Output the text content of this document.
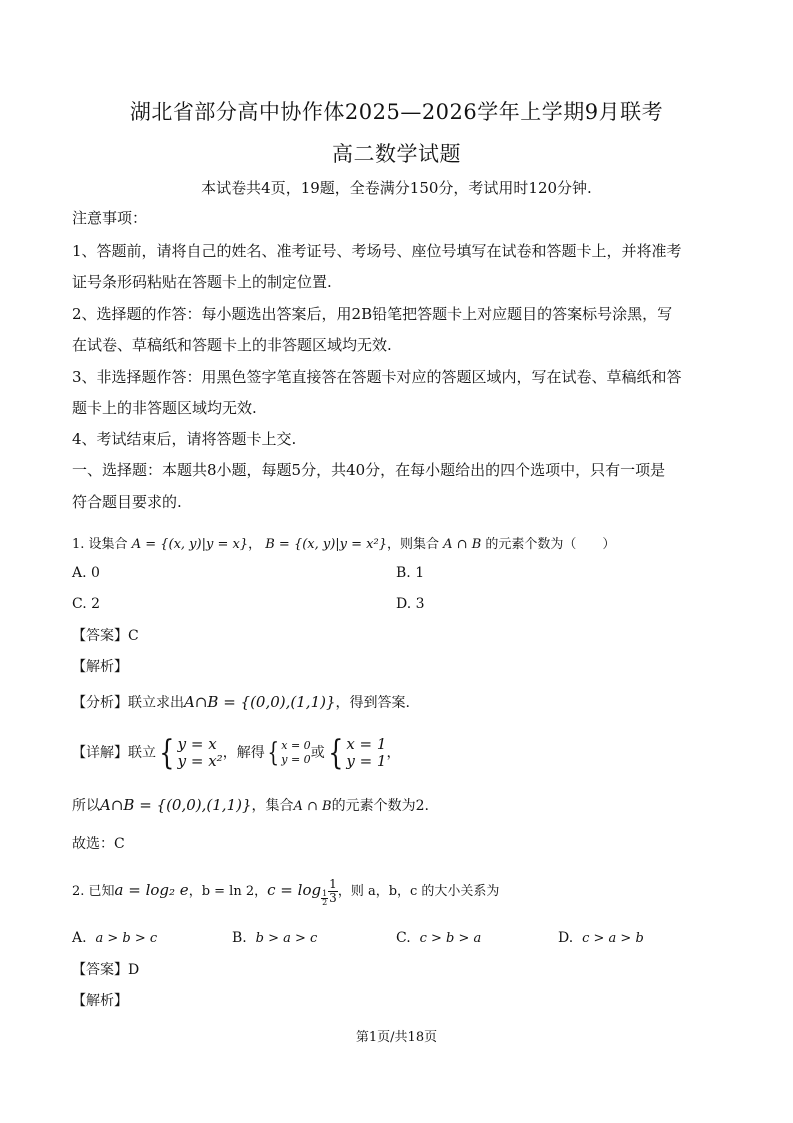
湖北省部分高中协作体2025—2026学年上学期9月联考
高二数学试题
本试卷共4页，19题，全卷满分150分，考试用时120分钟.
注意事项：
1、答题前，请将自己的姓名、准考证号、考场号、座位号填写在试卷和答题卡上，并将准考
证号条形码粘贴在答题卡上的制定位置.
2、选择题的作答：每小题选出答案后，用2B铅笔把答题卡上对应题目的答案标号涂黑，写
在试卷、草稿纸和答题卡上的非答题区域均无效.
3、非选择题作答：用黑色签字笔直接答在答题卡对应的答题区域内，写在试卷、草稿纸和答
题卡上的非答题区域均无效.
4、考试结束后，请将答题卡上交.
一、选择题：本题共8小题，每题5分，共40分，在每小题给出的四个选项中，只有一项是
符合题目要求的.
1. 设集合 A = {(x, y)|y = x}， B = {(x, y)|y = x²}，则集合 A ∩ B 的元素个数为（　　）
A. 0	B. 1
C. 2	D. 3
【答案】C
【解析】
【分析】联立求出A∩B = {(0,0),(1,1)}，得到答案.
【详解】联立{ y = x
y = x² ，解得{ x = 0
y = 0 或{ x = 1
y = 1 ，
所以A∩B = {(0,0),(1,1)}，集合A ∩ B的元素个数为2.
故选：C
2. 已知a = log₂ e，b = ln 2，$c = \log \frac{1}{2} \frac{1}{3}$ ，则 a，b，c 的大小关系为
A. a > b > c	B. b > a > c	C. c > b > a	D. c > a > b
【答案】D
【解析】
第1页/共18页
